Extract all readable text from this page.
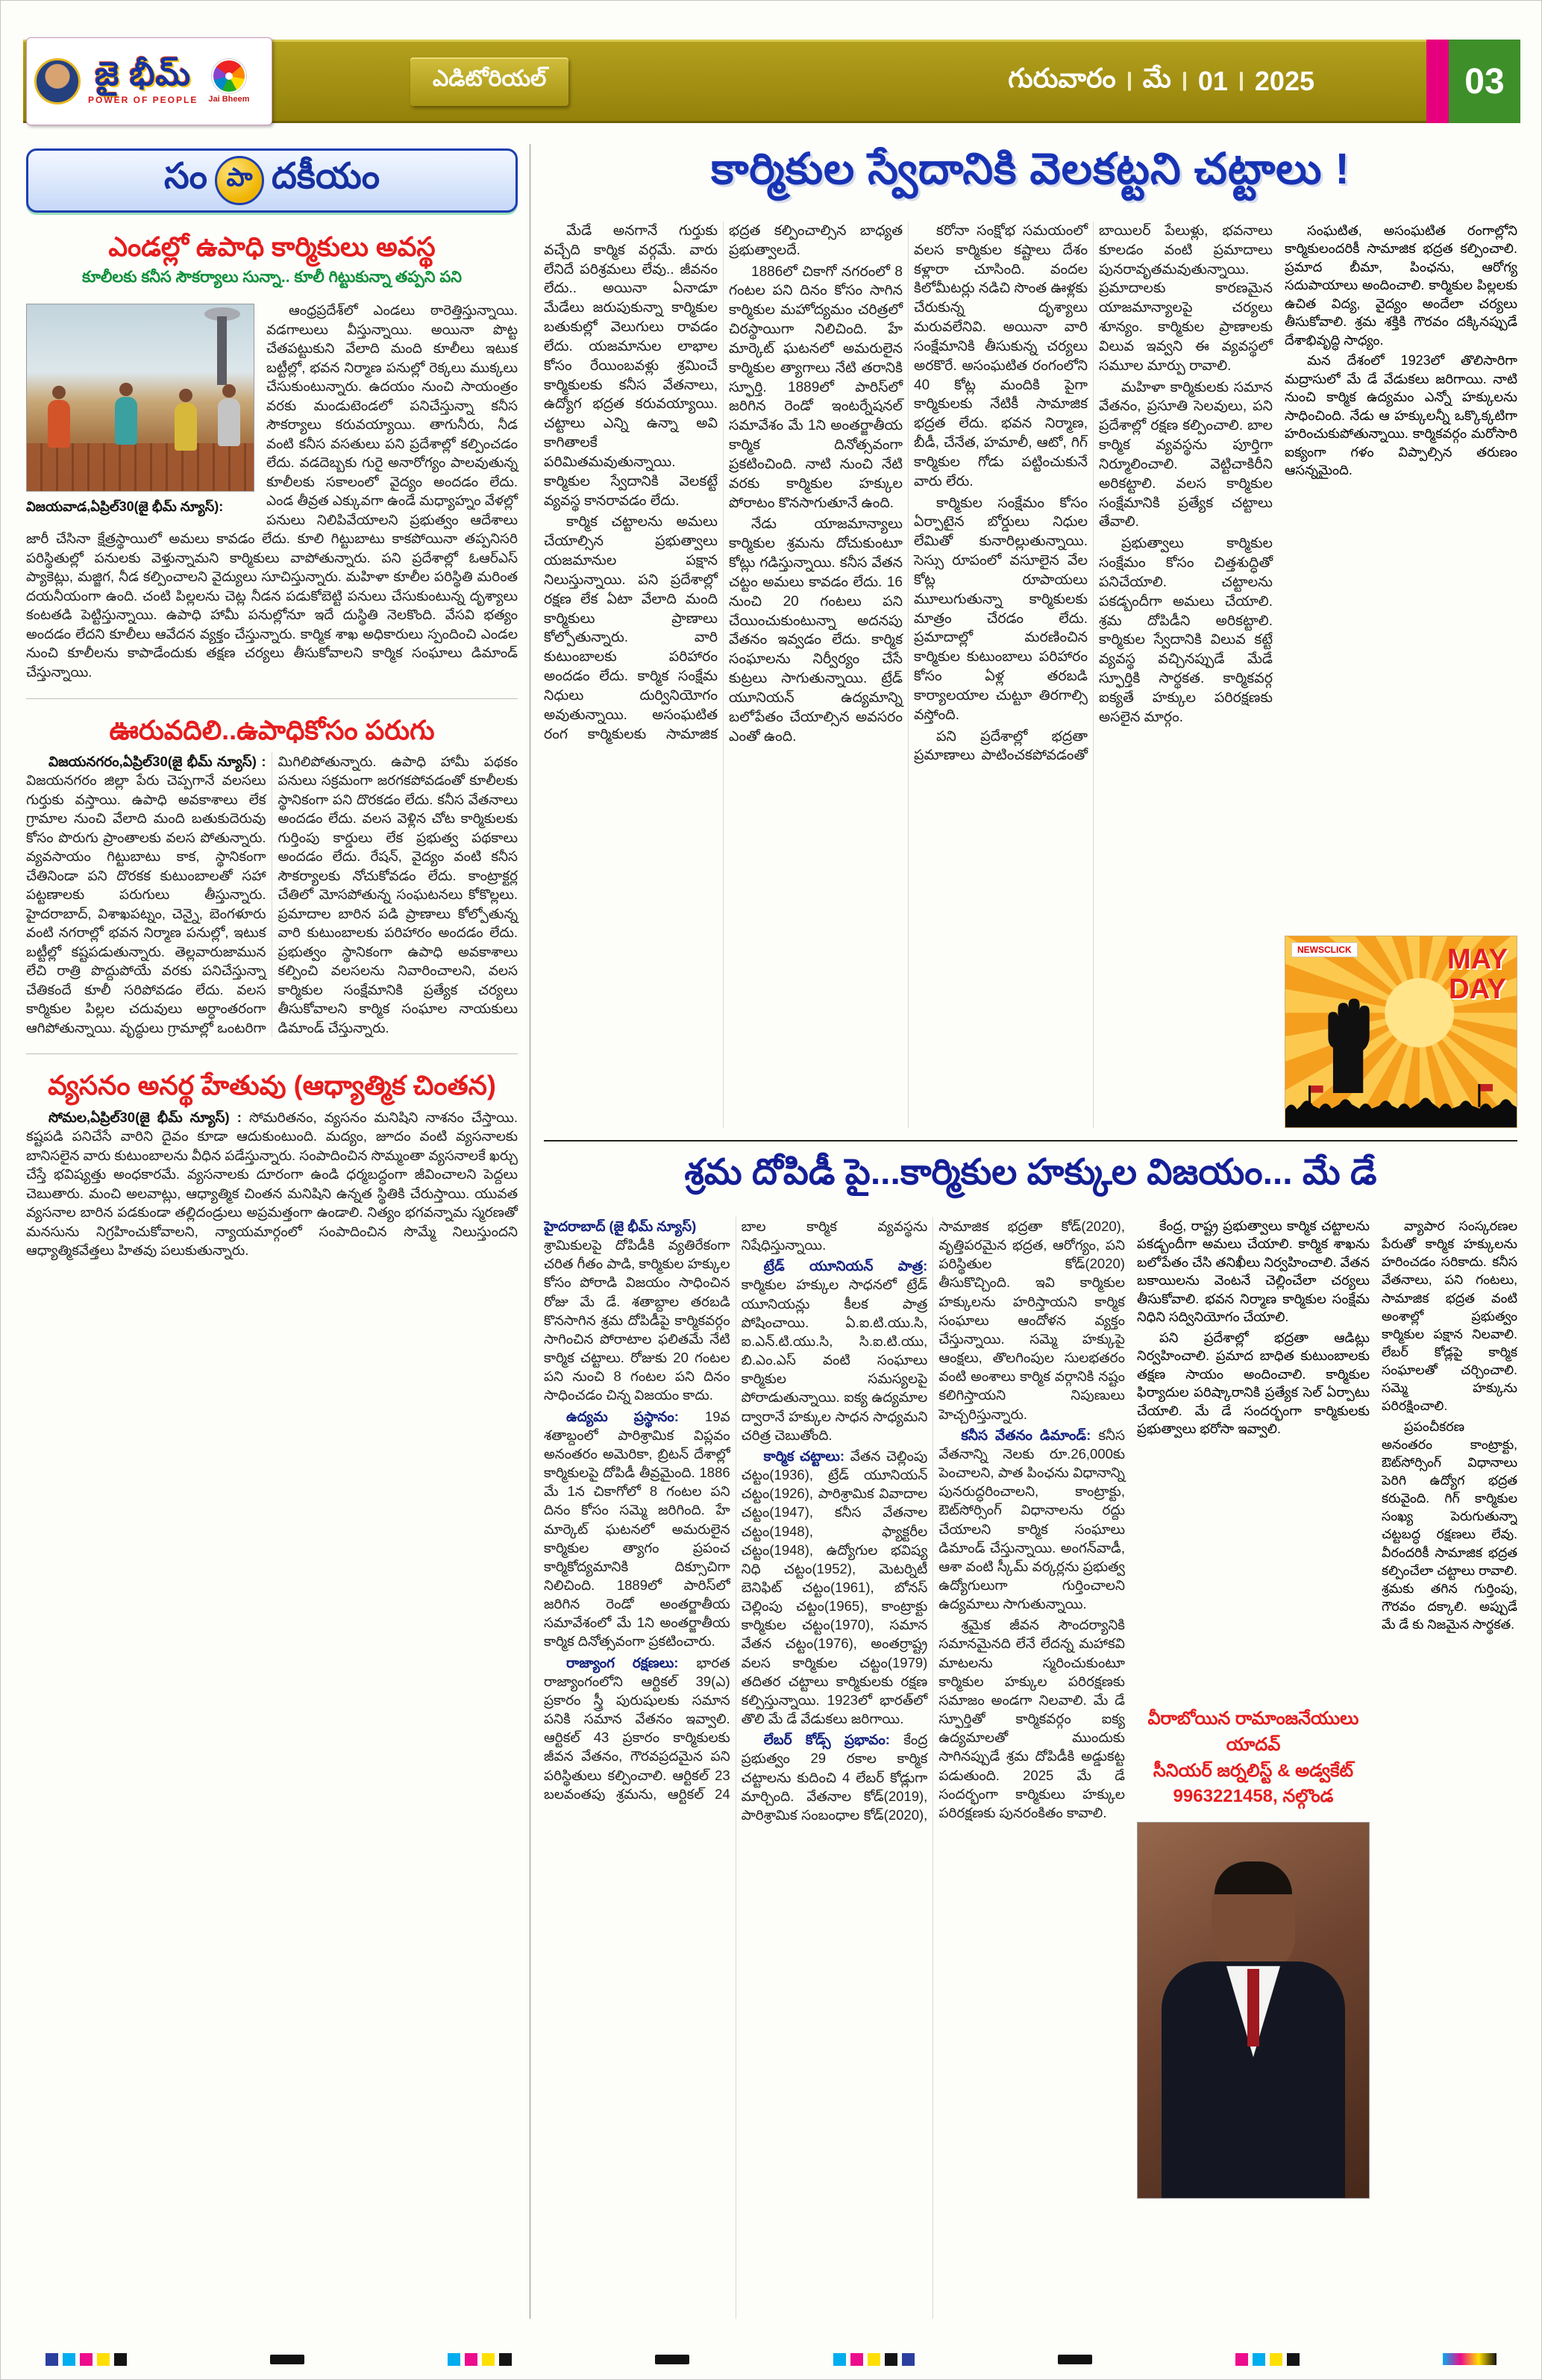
జై భీమ్
POWER OF PEOPLE Jai Bheem
ఎడిటోరియల్	గురువారం మే 01 2025	03
సం పా దకీయం
ఎండల్లో ఉపాధి కార్మికులు అవస్థ
కూలీలకు కనీస సౌకర్యాలు సున్నా.. కూలీ గిట్టుకున్నా తప్పని పని
విజయవాడ,ఏప్రిల్30(జై భీమ్ న్యూస్):

ఆంధ్రప్రదేశ్‌లో ఎండలు ఠారెత్తిస్తున్నాయి. వడగాలులు వీస్తున్నాయి. అయినా పొట్ట చేతపట్టుకుని వేలాది మంది కూలీలు ఇటుక బట్టీల్లో, భవన నిర్మాణ పనుల్లో రెక్కలు ముక్కలు చేసుకుంటున్నారు. ఉదయం నుంచి సాయంత్రం వరకు మండుటెండలో పనిచేస్తున్నా కనీస సౌకర్యాలు కరువయ్యాయి. తాగునీరు, నీడ వంటి కనీస వసతులు పని ప్రదేశాల్లో కల్పించడం లేదు. వడదెబ్బకు గురై అనారోగ్యం పాలవుతున్న కూలీలకు సకాలంలో వైద్యం అందడం లేదు. ఎండ తీవ్రత ఎక్కువగా ఉండే మధ్యాహ్నం వేళల్లో పనులు నిలిపివేయాలని ప్రభుత్వం ఆదేశాలు జారీ చేసినా క్షేత్రస్థాయిలో అమలు కావడం లేదు. కూలి గిట్టుబాటు కాకపోయినా తప్పనిసరి పరిస్థితుల్లో పనులకు వెళ్తున్నామని కార్మికులు వాపోతున్నారు. పని ప్రదేశాల్లో ఓఆర్ఎస్ ప్యాకెట్లు, మజ్జిగ, నీడ కల్పించాలని వైద్యులు సూచిస్తున్నారు. మహిళా కూలీల పరిస్థితి మరింత దయనీయంగా ఉంది. చంటి పిల్లలను చెట్ల నీడన పడుకోబెట్టి పనులు చేసుకుంటున్న దృశ్యాలు కంటతడి పెట్టిస్తున్నాయి. ఉపాధి హామీ పనుల్లోనూ ఇదే దుస్థితి నెలకొంది. వేసవి భత్యం అందడం లేదని కూలీలు ఆవేదన వ్యక్తం చేస్తున్నారు. కార్మిక శాఖ అధికారులు స్పందించి ఎండల నుంచి కూలీలను కాపాడేందుకు తక్షణ చర్యలు తీసుకోవాలని కార్మిక సంఘాలు డిమాండ్ చేస్తున్నాయి.

ఊరువదిలి..ఉపాధికోసం పరుగు

విజయనగరం,ఏప్రిల్30(జై భీమ్ న్యూస్) : విజయనగరం జిల్లా పేరు చెప్పగానే వలసలు గుర్తుకు వస్తాయి. ఉపాధి అవకాశాలు లేక గ్రామాల నుంచి వేలాది మంది బతుకుదెరువు కోసం పొరుగు ప్రాంతాలకు వలస పోతున్నారు. వ్యవసాయం గిట్టుబాటు కాక, స్థానికంగా చేతినిండా పని దొరకక కుటుంబాలతో సహా పట్టణాలకు పరుగులు తీస్తున్నారు. హైదరాబాద్, విశాఖపట్నం, చెన్నై, బెంగళూరు వంటి నగరాల్లో భవన నిర్మాణ పనుల్లో, ఇటుక బట్టీల్లో కష్టపడుతున్నారు. తెల్లవారుజామున లేచి రాత్రి పొద్దుపోయే వరకు పనిచేస్తున్నా చేతికందే కూలీ సరిపోవడం లేదు. వలస కార్మికుల పిల్లల చదువులు అర్ధాంతరంగా ఆగిపోతున్నాయి. వృద్ధులు గ్రామాల్లో ఒంటరిగా మిగిలిపోతున్నారు. ఉపాధి హామీ పథకం పనులు సక్రమంగా జరగకపోవడంతో కూలీలకు స్థానికంగా పని దొరకడం లేదు. కనీస వేతనాలు అందడం లేదు. వలస వెళ్లిన చోట కార్మికులకు గుర్తింపు కార్డులు లేక ప్రభుత్వ పథకాలు అందడం లేదు. రేషన్, వైద్యం వంటి కనీస సౌకర్యాలకు నోచుకోవడం లేదు. కాంట్రాక్టర్ల చేతిలో మోసపోతున్న సంఘటనలు కోకొల్లలు. ప్రమాదాల బారిన పడి ప్రాణాలు కోల్పోతున్న వారి కుటుంబాలకు పరిహారం అందడం లేదు. ప్రభుత్వం స్థానికంగా ఉపాధి అవకాశాలు కల్పించి వలసలను నివారించాలని, వలస కార్మికుల సంక్షేమానికి ప్రత్యేక చర్యలు తీసుకోవాలని కార్మిక సంఘాల నాయకులు డిమాండ్ చేస్తున్నారు.

వ్యసనం అనర్థ హేతువు (ఆధ్యాత్మిక చింతన)

సోమల,ఏప్రిల్30(జై భీమ్ న్యూస్) : సోమరితనం, వ్యసనం మనిషిని నాశనం చేస్తాయి. కష్టపడి పనిచేసే వారిని దైవం కూడా ఆదుకుంటుంది. మద్యం, జూదం వంటి వ్యసనాలకు బానిసలైన వారు కుటుంబాలను వీధిన పడేస్తున్నారు. సంపాదించిన సొమ్మంతా వ్యసనాలకే ఖర్చు చేస్తే భవిష్యత్తు అంధకారమే. వ్యసనాలకు దూరంగా ఉండి ధర్మబద్ధంగా జీవించాలని పెద్దలు చెబుతారు. మంచి అలవాట్లు, ఆధ్యాత్మిక చింతన మనిషిని ఉన్నత స్థితికి చేరుస్తాయి. యువత వ్యసనాల బారిన పడకుండా తల్లిదండ్రులు అప్రమత్తంగా ఉండాలి. నిత్యం భగవన్నామ స్మరణతో మనసును నిగ్రహించుకోవాలని, న్యాయమార్గంలో సంపాదించిన సొమ్మే నిలుస్తుందని ఆధ్యాత్మికవేత్తలు హితవు పలుకుతున్నారు.

కార్మికుల స్వేదానికి వెలకట్టని చట్టాలు !

మేడే అనగానే గుర్తుకు వచ్చేది కార్మిక వర్గమే. వారు లేనిదే పరిశ్రమలు లేవు.. జీవనం లేదు.. అయినా ఏనాడూ మేడేలు జరుపుకున్నా కార్మికుల బతుకుల్లో వెలుగులు రావడం లేదు. యజమానుల లాభాల కోసం రేయింబవళ్లు శ్రమించే కార్మికులకు కనీస వేతనాలు, ఉద్యోగ భద్రత కరువయ్యాయి. చట్టాలు ఎన్ని ఉన్నా అవి కాగితాలకే పరిమితమవుతున్నాయి. కార్మికుల స్వేదానికి వెలకట్టే వ్యవస్థ కానరావడం లేదు.

కార్మిక చట్టాలను అమలు చేయాల్సిన ప్రభుత్వాలు యజమానుల పక్షాన నిలుస్తున్నాయి. పని ప్రదేశాల్లో రక్షణ లేక ఏటా వేలాది మంది కార్మికులు ప్రాణాలు కోల్పోతున్నారు. వారి కుటుంబాలకు పరిహారం అందడం లేదు. కార్మిక సంక్షేమ నిధులు దుర్వినియోగం అవుతున్నాయి. అసంఘటిత రంగ కార్మికులకు సామాజిక భద్రత కల్పించాల్సిన బాధ్యత ప్రభుత్వాలదే.

1886లో చికాగో నగరంలో 8 గంటల పని దినం కోసం సాగిన కార్మికుల మహోద్యమం చరిత్రలో చిరస్థాయిగా నిలిచింది. హే మార్కెట్ ఘటనలో అమరులైన కార్మికుల త్యాగాలు నేటి తరానికి స్ఫూర్తి. 1889లో పారిస్‌లో జరిగిన రెండో ఇంటర్నేషనల్ సమావేశం మే 1ని అంతర్జాతీయ కార్మిక దినోత్సవంగా ప్రకటించింది. నాటి నుంచి నేటి వరకు కార్మికుల హక్కుల పోరాటం కొనసాగుతూనే ఉంది.

నేడు యాజమాన్యాలు కార్మికుల శ్రమను దోచుకుంటూ కోట్లు గడిస్తున్నాయి. కనీస వేతన చట్టం అమలు కావడం లేదు. 16 నుంచి 20 గంటలు పని చేయించుకుంటున్నా అదనపు వేతనం ఇవ్వడం లేదు. కార్మిక సంఘాలను నిర్వీర్యం చేసే కుట్రలు సాగుతున్నాయి. ట్రేడ్ యూనియన్ ఉద్యమాన్ని బలోపేతం చేయాల్సిన అవసరం ఎంతో ఉంది.

కరోనా సంక్షోభ సమయంలో వలస కార్మికుల కష్టాలు దేశం కళ్లారా చూసింది. వందల కిలోమీటర్లు నడిచి సొంత ఊళ్లకు చేరుకున్న దృశ్యాలు మరువలేనివి. అయినా వారి సంక్షేమానికి తీసుకున్న చర్యలు అరకొరే. అసంఘటిత రంగంలోని 40 కోట్ల మందికి పైగా కార్మికులకు నేటికీ సామాజిక భద్రత లేదు. భవన నిర్మాణ, బీడీ, చేనేత, హమాలీ, ఆటో, గిగ్ కార్మికుల గోడు పట్టించుకునే వారు లేరు.

కార్మికుల సంక్షేమం కోసం ఏర్పాటైన బోర్డులు నిధుల లేమితో కునారిల్లుతున్నాయి. సెస్సు రూపంలో వసూలైన వేల కోట్ల రూపాయలు మూలుగుతున్నా కార్మికులకు మాత్రం చేరడం లేదు. ప్రమాదాల్లో మరణించిన కార్మికుల కుటుంబాలు పరిహారం కోసం ఏళ్ల తరబడి కార్యాలయాల చుట్టూ తిరగాల్సి వస్తోంది.

పని ప్రదేశాల్లో భద్రతా ప్రమాణాలు పాటించకపోవడంతో బాయిలర్ పేలుళ్లు, భవనాలు కూలడం వంటి ప్రమాదాలు పునరావృతమవుతున్నాయి. ప్రమాదాలకు కారణమైన యాజమాన్యాలపై చర్యలు శూన్యం. కార్మికుల ప్రాణాలకు విలువ ఇవ్వని ఈ వ్యవస్థలో సమూల మార్పు రావాలి.

మహిళా కార్మికులకు సమాన వేతనం, ప్రసూతి సెలవులు, పని ప్రదేశాల్లో రక్షణ కల్పించాలి. బాల కార్మిక వ్యవస్థను పూర్తిగా నిర్మూలించాలి. వెట్టిచాకిరీని అరికట్టాలి. వలస కార్మికుల సంక్షేమానికి ప్రత్యేక చట్టాలు తేవాలి.

ప్రభుత్వాలు కార్మికుల సంక్షేమం కోసం చిత్తశుద్ధితో పనిచేయాలి. చట్టాలను పకడ్బందీగా అమలు చేయాలి. శ్రమ దోపిడీని అరికట్టాలి. కార్మికుల స్వేదానికి విలువ కట్టే వ్యవస్థ వచ్చినప్పుడే మేడే స్ఫూర్తికి సార్థకత. కార్మికవర్గ ఐక్యతే హక్కుల పరిరక్షణకు అసలైన మార్గం.

సంఘటిత, అసంఘటిత రంగాల్లోని కార్మికులందరికీ సామాజిక భద్రత కల్పించాలి. ప్రమాద బీమా, పింఛను, ఆరోగ్య సదుపాయాలు అందించాలి. కార్మికుల పిల్లలకు ఉచిత విద్య, వైద్యం అందేలా చర్యలు తీసుకోవాలి. శ్రమ శక్తికి గౌరవం దక్కినప్పుడే దేశాభివృద్ధి సాధ్యం.

మన దేశంలో 1923లో తొలిసారిగా మద్రాసులో మే డే వేడుకలు జరిగాయి. నాటి నుంచి కార్మిక ఉద్యమం ఎన్నో హక్కులను సాధించింది. నేడు ఆ హక్కులన్నీ ఒక్కొక్కటిగా హరించుకుపోతున్నాయి. కార్మికవర్గం మరోసారి ఐక్యంగా గళం విప్పాల్సిన తరుణం ఆసన్నమైంది.

NEWSCLICK	MAY
DAY
శ్రమ దోపిడీ పై...కార్మికుల హక్కుల విజయం... మే డే

హైదరాబాద్ (జై భీమ్ న్యూస్)
శ్రామికులపై దోపిడీకి వ్యతిరేకంగా చరిత గీతం పాడి, కార్మికుల హక్కుల కోసం పోరాడి విజయం సాధించిన రోజు మే డే. శతాబ్దాల తరబడి కొనసాగిన శ్రమ దోపిడీపై కార్మికవర్గం సాగించిన పోరాటాల ఫలితమే నేటి కార్మిక చట్టాలు. రోజుకు 20 గంటల పని నుంచి 8 గంటల పని దినం సాధించడం చిన్న విజయం కాదు.

ఉద్యమ ప్రస్థానం: 19వ శతాబ్దంలో పారిశ్రామిక విప్లవం అనంతరం అమెరికా, బ్రిటన్ దేశాల్లో కార్మికులపై దోపిడీ తీవ్రమైంది. 1886 మే 1న చికాగోలో 8 గంటల పని దినం కోసం సమ్మె జరిగింది. హే మార్కెట్ ఘటనలో అమరులైన కార్మికుల త్యాగం ప్రపంచ కార్మికోద్యమానికి దిక్సూచిగా నిలిచింది. 1889లో పారిస్‌లో జరిగిన రెండో అంతర్జాతీయ సమావేశంలో మే 1ని అంతర్జాతీయ కార్మిక దినోత్సవంగా ప్రకటించారు.

రాజ్యాంగ రక్షణలు: భారత రాజ్యాంగంలోని ఆర్టికల్ 39(ఎ) ప్రకారం స్త్రీ పురుషులకు సమాన పనికి సమాన వేతనం ఇవ్వాలి. ఆర్టికల్ 43 ప్రకారం కార్మికులకు జీవన వేతనం, గౌరవప్రదమైన పని పరిస్థితులు కల్పించాలి. ఆర్టికల్ 23 బలవంతపు శ్రమను, ఆర్టికల్ 24 బాల కార్మిక వ్యవస్థను నిషేధిస్తున్నాయి.

ట్రేడ్ యూనియన్ పాత్ర: కార్మికుల హక్కుల సాధనలో ట్రేడ్ యూనియన్లు కీలక పాత్ర పోషించాయి. ఏ.ఐ.టి.యు.సి, ఐ.ఎన్.టి.యు.సి, సి.ఐ.టి.యు, బి.ఎం.ఎస్ వంటి సంఘాలు కార్మికుల సమస్యలపై పోరాడుతున్నాయి. ఐక్య ఉద్యమాల ద్వారానే హక్కుల సాధన సాధ్యమని చరిత్ర చెబుతోంది.

కార్మిక చట్టాలు: వేతన చెల్లింపు చట్టం(1936), ట్రేడ్ యూనియన్ చట్టం(1926), పారిశ్రామిక వివాదాల చట్టం(1947), కనీస వేతనాల చట్టం(1948), ఫ్యాక్టరీల చట్టం(1948), ఉద్యోగుల భవిష్య నిధి చట్టం(1952), మెటర్నిటీ బెనిఫిట్ చట్టం(1961), బోనస్ చెల్లింపు చట్టం(1965), కాంట్రాక్టు కార్మికుల చట్టం(1970), సమాన వేతన చట్టం(1976), అంతర్రాష్ట్ర వలస కార్మికుల చట్టం(1979) తదితర చట్టాలు కార్మికులకు రక్షణ కల్పిస్తున్నాయి. 1923లో భారత్‌లో తొలి మే డే వేడుకలు జరిగాయి.

లేబర్ కోడ్స్ ప్రభావం: కేంద్ర ప్రభుత్వం 29 రకాల కార్మిక చట్టాలను కుదించి 4 లేబర్ కోడ్లుగా మార్చింది. వేతనాల కోడ్(2019), పారిశ్రామిక సంబంధాల కోడ్(2020), సామాజిక భద్రతా కోడ్(2020), వృత్తిపరమైన భద్ర‌త, ఆరోగ్యం, పని పరిస్థితుల కోడ్(2020) తీసుకొచ్చింది. ఇవి కార్మికుల హక్కులను హరిస్తాయని కార్మిక సంఘాలు ఆందోళన వ్యక్తం చేస్తున్నాయి. సమ్మె హక్కుపై ఆంక్షలు, తొలగింపుల సులభతరం వంటి అంశాలు కార్మిక వర్గానికి నష్టం కలిగిస్తాయని నిపుణులు హెచ్చరిస్తున్నారు.

కనీస వేతనం డిమాండ్: కనీస వేతనాన్ని నెలకు రూ.26,000కు పెంచాలని, పాత పింఛను విధానాన్ని పునరుద్ధరించాలని, కాంట్రాక్టు, ఔట్‌సోర్సింగ్ విధానాలను రద్దు చేయాలని కార్మిక సంఘాలు డిమాండ్ చేస్తున్నాయి. అంగన్‌వాడీ, ఆశా వంటి స్కీమ్ వర్కర్లను ప్రభుత్వ ఉద్యోగులుగా గుర్తించాలని ఉద్యమాలు సాగుతున్నాయి.

శ్రమైక జీవన సౌందర్యానికి సమానమైనది లేనే లేదన్న మహాకవి మాటలను స్మరించుకుంటూ కార్మికుల హక్కుల పరిరక్షణకు సమాజం అండగా నిలవాలి. మే డే స్ఫూర్తితో కార్మికవర్గం ఐక్య ఉద్యమాలతో ముందుకు సాగినప్పుడే శ్రమ దోపిడీకి అడ్డుకట్ట పడుతుంది. 2025 మే డే సందర్భంగా కార్మికులు హక్కుల పరిరక్షణకు పునరంకితం కావాలి.

కేంద్ర, రాష్ట్ర ప్రభుత్వాలు కార్మిక చట్టాలను పకడ్బందీగా అమలు చేయాలి. కార్మిక శాఖను బలోపేతం చేసి తనిఖీలు నిర్వహించాలి. వేతన బకాయిలను వెంటనే చెల్లించేలా చర్యలు తీసుకోవాలి. భవన నిర్మాణ కార్మికుల సంక్షేమ నిధిని సద్వినియోగం చేయాలి.

పని ప్రదేశాల్లో భద్రతా ఆడిట్లు నిర్వహించాలి. ప్రమాద బాధిత కుటుంబాలకు తక్షణ సాయం అందించాలి. కార్మికుల ఫిర్యాదుల పరిష్కారానికి ప్రత్యేక సెల్ ఏర్పాటు చేయాలి. మే డే సందర్భంగా కార్మికులకు ప్రభుత్వాలు భరోసా ఇవ్వాలి.

వీరాబోయిన రామాంజనేయులు యాదవ్
సీనియర్ జర్నలిస్ట్ & అడ్వకేట్
9963221458, నల్గొండ

వ్యాపార సంస్కరణల పేరుతో కార్మిక హక్కులను హరించడం సరికాదు. కనీస వేతనాలు, పని గంటలు, సామాజిక భద్రత వంటి అంశాల్లో ప్రభుత్వం కార్మికుల పక్షాన నిలవాలి. లేబర్ కోడ్లపై కార్మిక సంఘాలతో చర్చించాలి. సమ్మె హక్కును పరిరక్షించాలి.

ప్రపంచీకరణ అనంతరం కాంట్రాక్టు, ఔట్‌సోర్సింగ్ విధానాలు పెరిగి ఉద్యోగ భద్రత కరువైంది. గిగ్ కార్మికుల సంఖ్య పెరుగుతున్నా చట్టబద్ధ రక్షణలు లేవు. వీరందరికీ సామాజిక భద్రత కల్పించేలా చట్టాలు రావాలి. శ్రమకు తగిన గుర్తింపు, గౌరవం దక్కాలి. అప్పుడే మే డే కు నిజమైన సార్థకత.
